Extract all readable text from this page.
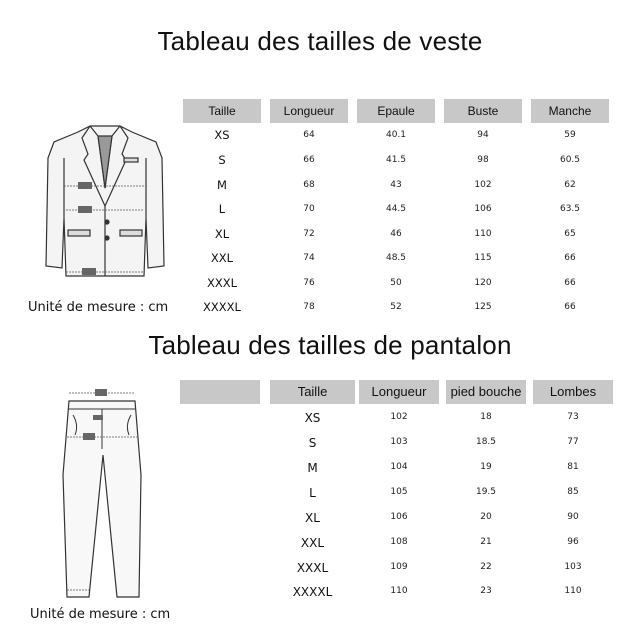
Tableau des tailles de veste
Unité de mesure : cm
Taille	Longueur	Epaule	Buste	Manche
XS	64	40.1	94	59
S	66	41.5	98	60.5
M	68	43	102	62
L	70	44.5	106	63.5
XL	72	46	110	65
XXL	74	48.5	115	66
XXXL	76	50	120	66
XXXXL	78	52	125	66
Tableau des tailles de pantalon
Unité de mesure : cm
Taille	Longueur	pied bouche	Lombes
XS	102	18	73
S	103	18.5	77
M	104	19	81
L	105	19.5	85
XL	106	20	90
XXL	108	21	96
XXXL	109	22	103
XXXXL	110	23	110
